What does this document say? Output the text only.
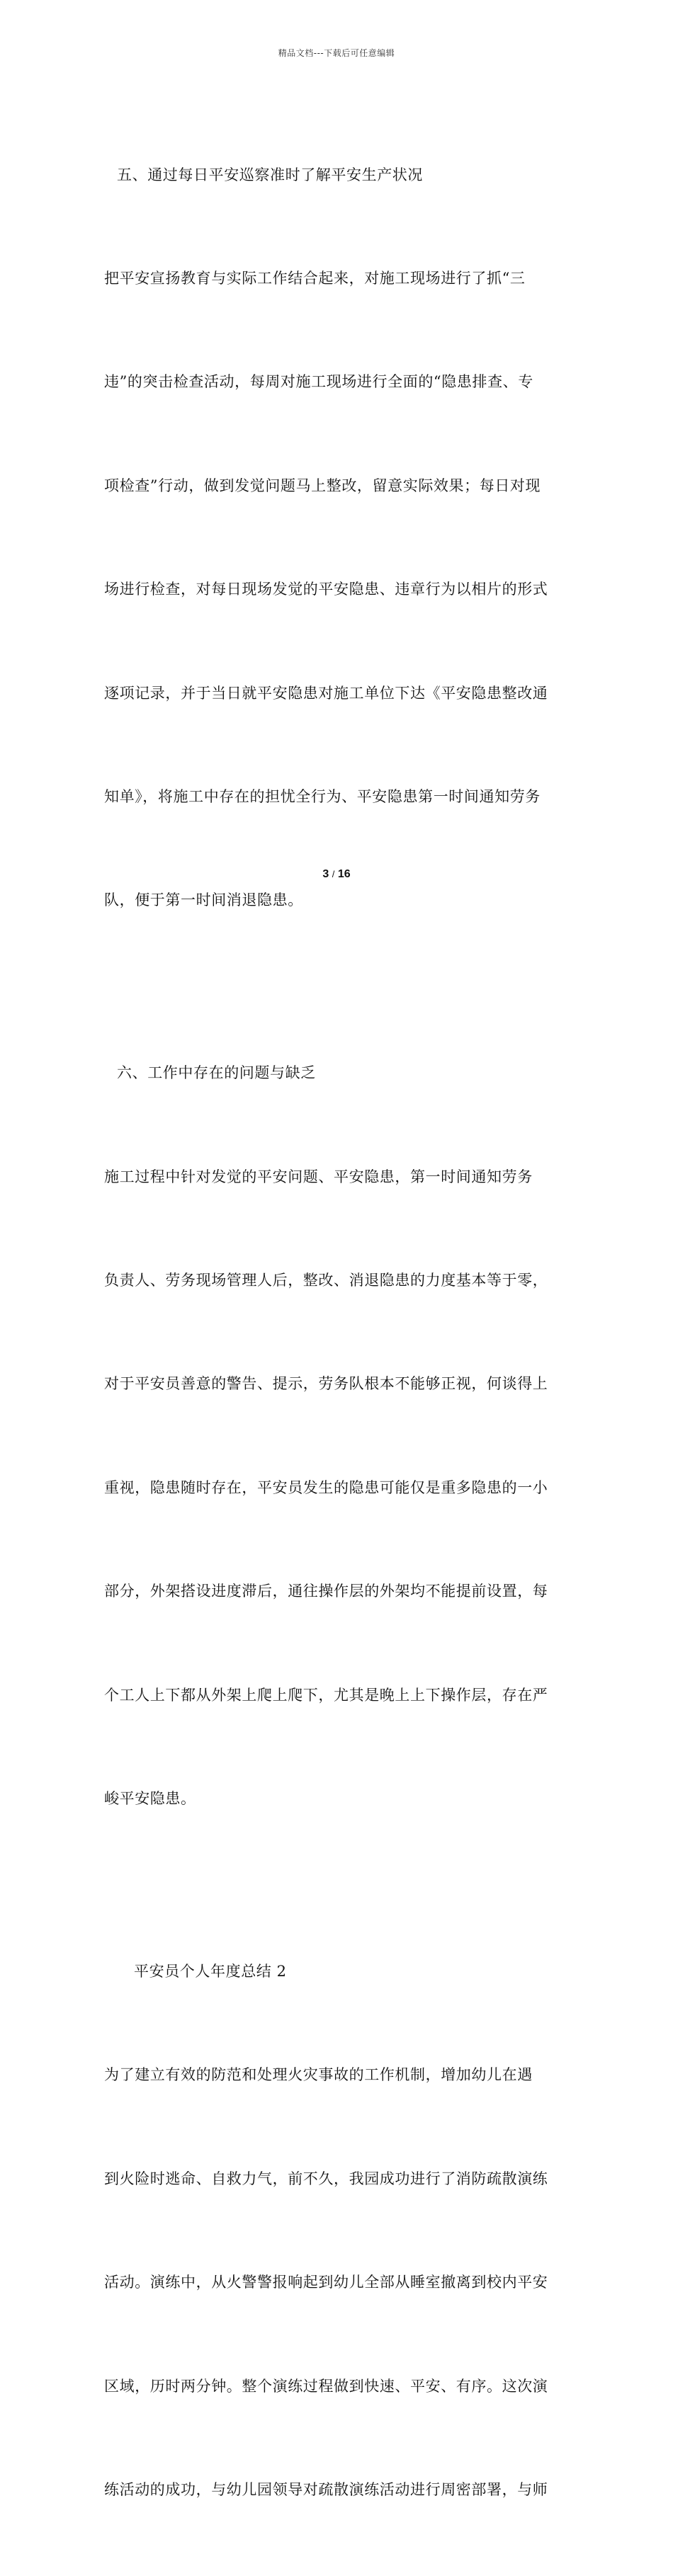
精品文档---下载后可任意编辑

五、通过每日平安巡察准时了解平安生产状况

把平安宣扬教育与实际工作结合起来，对施工现场进行了抓“三

违”的突击检查活动，每周对施工现场进行全面的“隐患排查、专

项检查”行动，做到发觉问题马上整改，留意实际效果；每日对现

场进行检查，对每日现场发觉的平安隐患、违章行为以相片的形式

逐项记录，并于当日就平安隐患对施工单位下达《平安隐患整改通

知单》，将施工中存在的担忧全行为、平安隐患第一时间通知劳务

队，便于第一时间消退隐患。

六、工作中存在的问题与缺乏

施工过程中针对发觉的平安问题、平安隐患，第一时间通知劳务

负责人、劳务现场管理人后，整改、消退隐患的力度基本等于零，

对于平安员善意的警告、提示，劳务队根本不能够正视，何谈得上

重视，隐患随时存在，平安员发生的隐患可能仅是重多隐患的一小

部分，外架搭设进度滞后，通往操作层的外架均不能提前设置，每

个工人上下都从外架上爬上爬下，尤其是晚上上下操作层，存在严

峻平安隐患。

平安员个人年度总结 2

为了建立有效的防范和处理火灾事故的工作机制，增加幼儿在遇

到火险时逃命、自救力气，前不久，我园成功进行了消防疏散演练

活动。演练中，从火警警报响起到幼儿全部从睡室撤离到校内平安

区域，历时两分钟。整个演练过程做到快速、平安、有序。这次演

练活动的成功，与幼儿园领导对疏散演练活动进行周密部署，与师

3 / 16
